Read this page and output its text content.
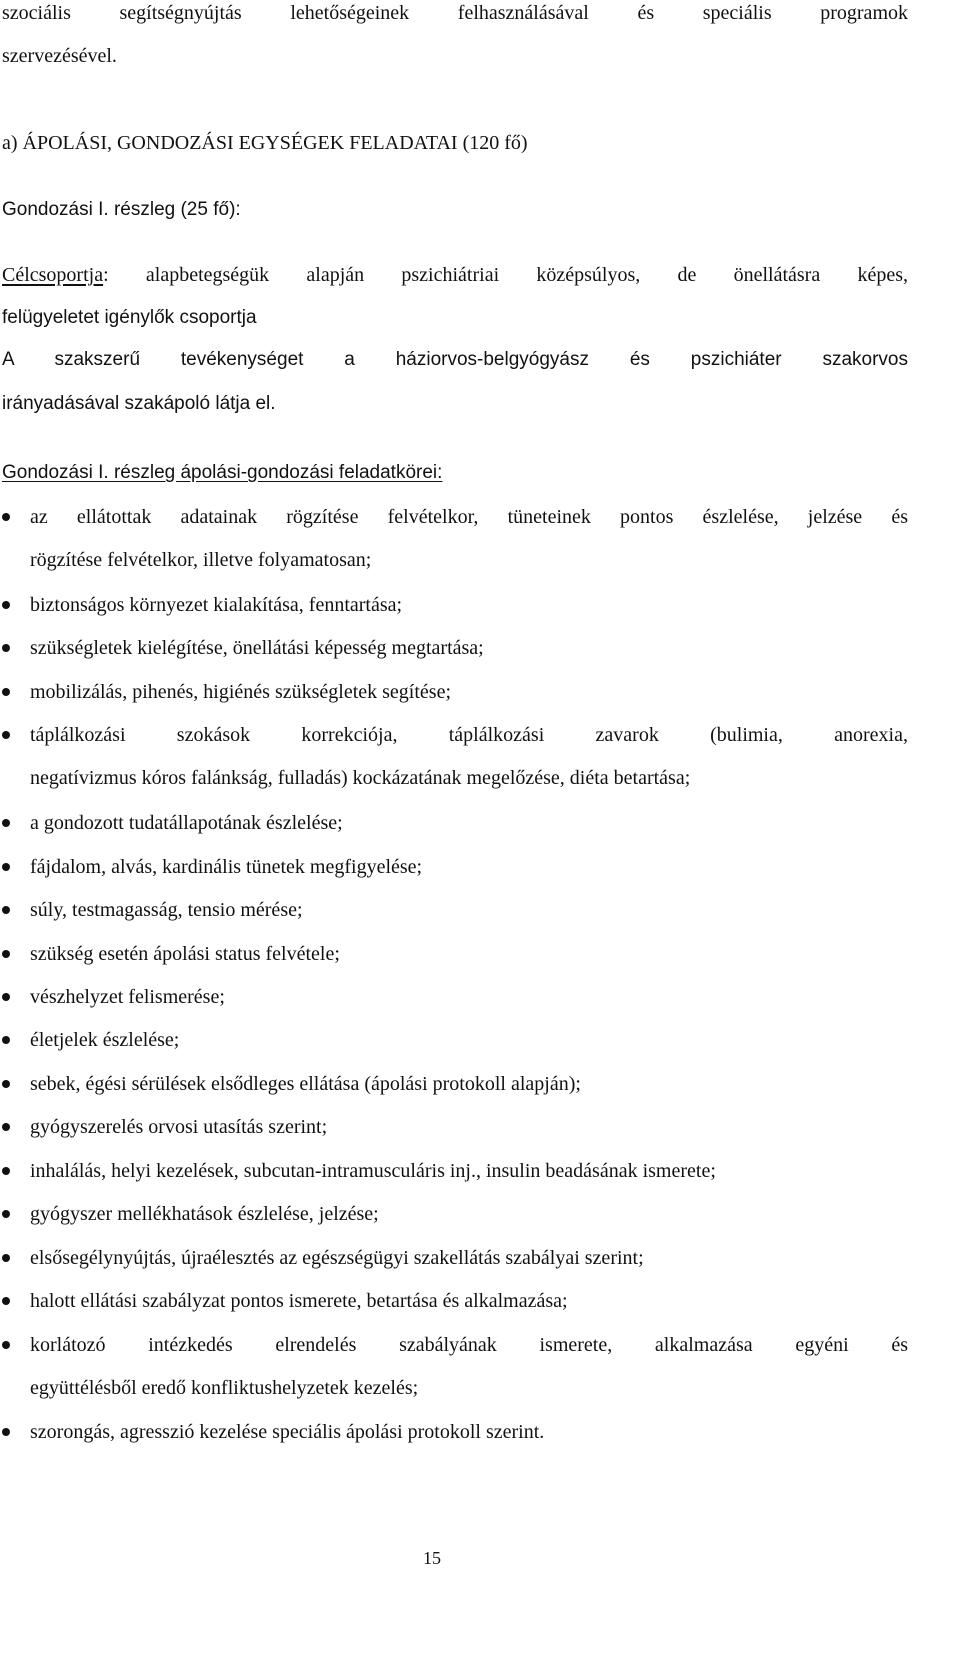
szociális segítségnyújtás lehetőségeinek felhasználásával és speciális programok
szervezésével.
a) ÁPOLÁSI, GONDOZÁSI EGYSÉGEK FELADATAI (120 fő)
Gondozási I. részleg (25 fő):
Célcsoportja: alapbetegségük alapján pszichiátriai középsúlyos, de önellátásra képes,
felügyeletet igénylők csoportja
A szakszerű tevékenységet a háziorvos-belgyógyász és pszichiáter szakorvos
irányadásával szakápoló látja el.
Gondozási I. részleg ápolási-gondozási feladatkörei:
az ellátottak adatainak rögzítése felvételkor, tüneteinek pontos észlelése, jelzése és
rögzítése felvételkor, illetve folyamatosan;
biztonságos környezet kialakítása, fenntartása;
szükségletek kielégítése, önellátási képesség megtartása;
mobilizálás, pihenés, higiénés szükségletek segítése;
táplálkozási szokások korrekciója, táplálkozási zavarok (bulimia, anorexia,
negatívizmus kóros falánkság, fulladás) kockázatának megelőzése, diéta betartása;
a gondozott tudatállapotának észlelése;
fájdalom, alvás, kardinális tünetek megfigyelése;
súly, testmagasság, tensio mérése;
szükség esetén ápolási status felvétele;
vészhelyzet felismerése;
életjelek észlelése;
sebek, égési sérülések elsődleges ellátása (ápolási protokoll alapján);
gyógyszerelés orvosi utasítás szerint;
inhalálás, helyi kezelések, subcutan-intramusculáris inj., insulin beadásának ismerete;
gyógyszer mellékhatások észlelése, jelzése;
elsősegélynyújtás, újraélesztés az egészségügyi szakellátás szabályai szerint;
halott ellátási szabályzat pontos ismerete, betartása és alkalmazása;
korlátozó intézkedés elrendelés szabályának ismerete, alkalmazása egyéni és
együttélésből eredő konfliktushelyzetek kezelés;
szorongás, agresszió kezelése speciális ápolási protokoll szerint.
15
